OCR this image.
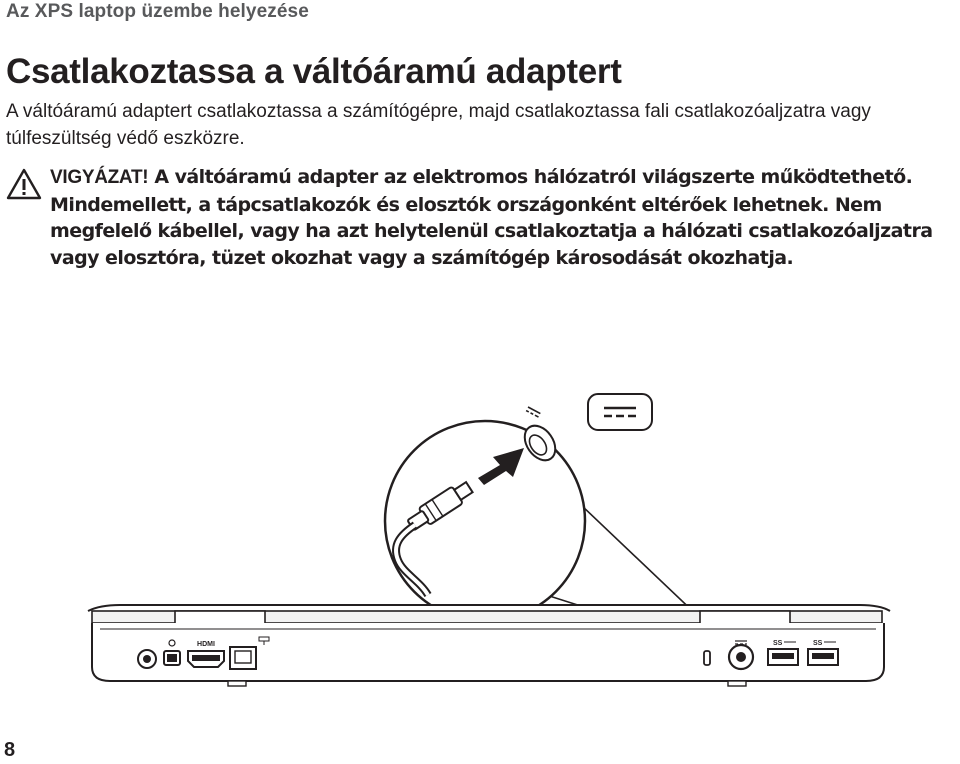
Az XPS laptop üzembe helyezése
Csatlakoztassa a váltóáramú adaptert
A váltóáramú adaptert csatlakoztassa a számítógépre, majd csatlakoztassa fali csatlakozóaljzatra vagy túlfeszültség védő eszközre.
VIGYÁZAT! A váltóáramú adapter az elektromos hálózatról világszerte működtethető. Mindemellett, a tápcsatlakozók és elosztók országonként eltérőek lehetnek. Nem megfelelő kábellel, vagy ha azt helytelenül csatlakoztatja a hálózati csatlakozóaljzatra vagy elosztóra, tüzet okozhat vagy a számítógép károsodását okozhatja.
HDMI	SS	SS
8
